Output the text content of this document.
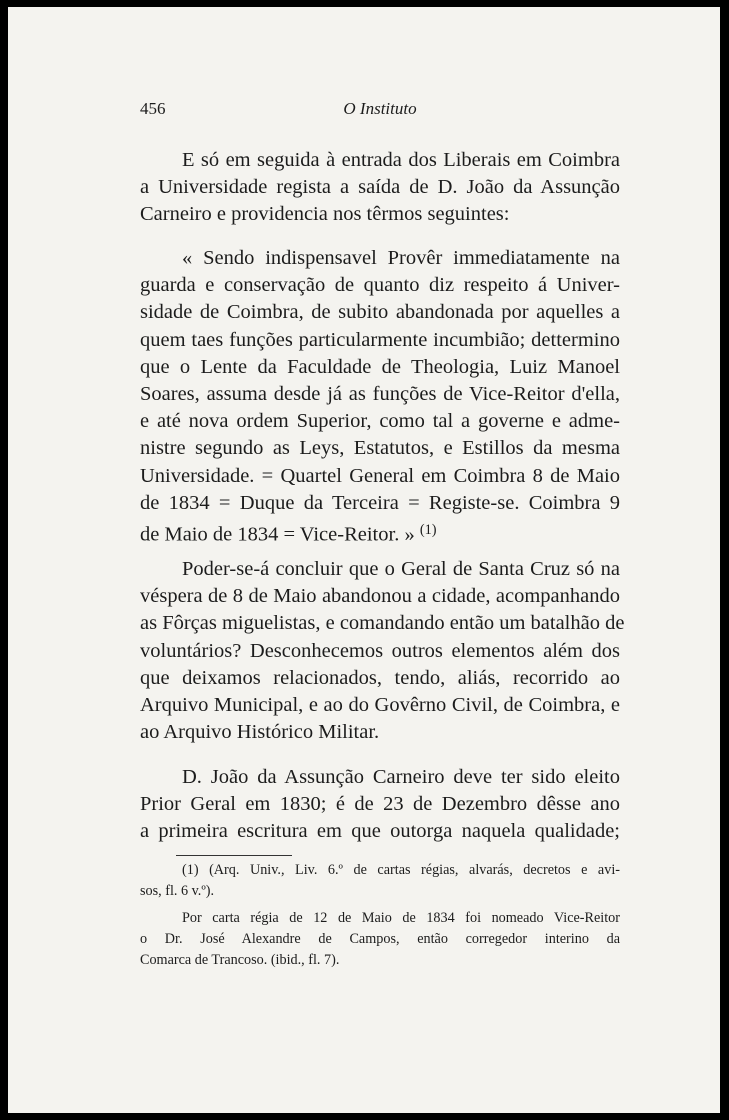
456	O Instituto
E só em seguida à entrada dos Liberais em Coimbra
a Universidade regista a saída de D. João da Assunção
Carneiro e providencia nos têrmos seguintes:
« Sendo indispensavel Provêr immediatamente na
guarda e conservação de quanto diz respeito á Univer-
sidade de Coimbra, de subito abandonada por aquelles a
quem taes funções particularmente incumbião; dettermino
que o Lente da Faculdade de Theologia, Luiz Manoel
Soares, assuma desde já as funções de Vice-Reitor d'ella,
e até nova ordem Superior, como tal a governe e adme-
nistre segundo as Leys, Estatutos, e Estillos da mesma
Universidade. = Quartel General em Coimbra 8 de Maio
de 1834 = Duque da Terceira = Registe-se. Coimbra 9
de Maio de 1834 = Vice-Reitor. » $^{(1)}$
Poder-se-á concluir que o Geral de Santa Cruz só na
véspera de 8 de Maio abandonou a cidade, acompanhando
as Fôrças miguelistas, e comandando então um batalhão de
voluntários? Desconhecemos outros elementos além dos
que deixamos relacionados, tendo, aliás, recorrido ao
Arquivo Municipal, e ao do Govêrno Civil, de Coimbra, e
ao Arquivo Histórico Militar.
D. João da Assunção Carneiro deve ter sido eleito
Prior Geral em 1830; é de 23 de Dezembro dêsse ano
a primeira escritura em que outorga naquela qualidade;
(1) (Arq. Univ., Liv. 6.º de cartas régias, alvarás, decretos e avi-
sos, fl. 6 v.º).
Por carta régia de 12 de Maio de 1834 foi nomeado Vice-Reitor
o Dr. José Alexandre de Campos, então corregedor interino da
Comarca de Trancoso. (ibid., fl. 7).
